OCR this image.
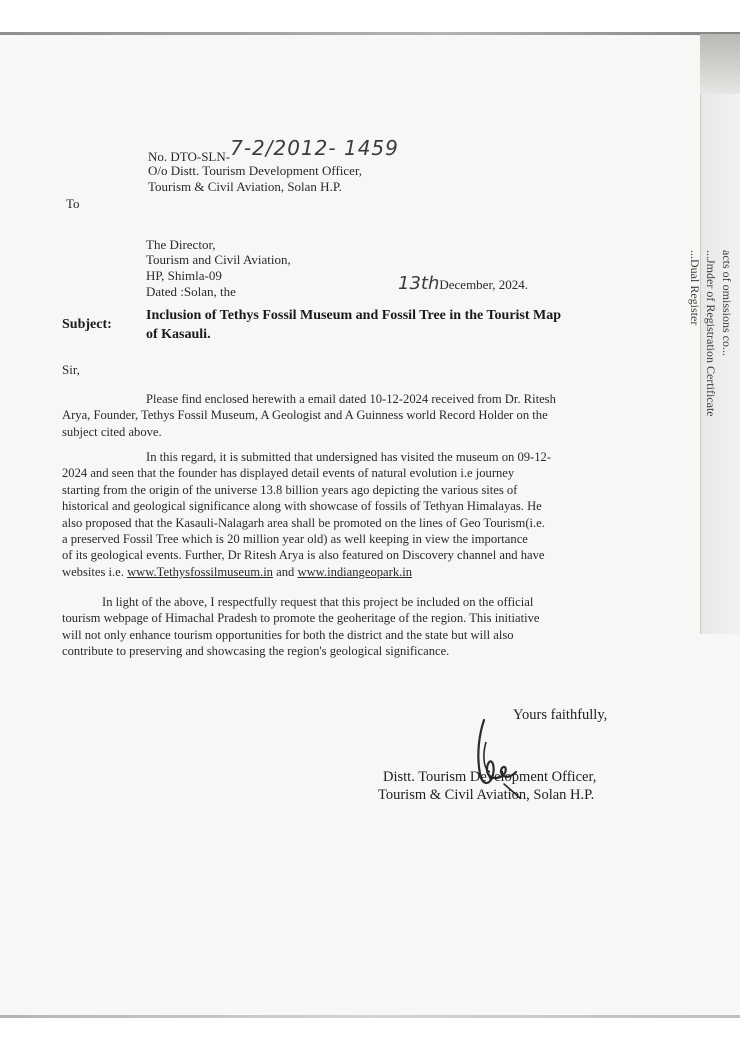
acts of omissions co...
...Jmder of Registration Certificate
...Dual Register
No. DTO-SLN-7-2/2012- 1459
O/o Distt. Tourism Development Officer,
Tourism & Civil Aviation, Solan H.P.
To
The Director,
Tourism and Civil Aviation,
HP, Shimla-09
Dated :Solan, the	13thDecember, 2024.
Subject:
Inclusion of Tethys Fossil Museum and Fossil Tree in the Tourist Map
of Kasauli.
Sir,
Please find enclosed herewith a email dated 10-12-2024 received from Dr. Ritesh
Arya, Founder, Tethys Fossil Museum, A Geologist and A Guinness world Record Holder on the
subject cited above.
In this regard, it is submitted that undersigned has visited the museum on 09-12-
2024 and seen that the founder has displayed detail events of natural evolution i.e journey
starting from the origin of the universe 13.8 billion years ago depicting the various sites of
historical and geological significance along with showcase of fossils of Tethyan Himalayas. He
also proposed that the Kasauli-Nalagarh area shall be promoted on the lines of Geo Tourism(i.e.
a preserved Fossil Tree which is 20 million year old) as well keeping in view the importance
of its geological events. Further, Dr Ritesh Arya is also featured on Discovery channel and have
websites i.e. www.Tethysfossilmuseum.in and www.indiangeopark.in
In light of the above, I respectfully request that this project be included on the official
tourism webpage of Himachal Pradesh to promote the geoheritage of the region. This initiative
will not only enhance tourism opportunities for both the district and the state but will also
contribute to preserving and showcasing the region's geological significance.
Yours faithfully,
Distt. Tourism Development Officer,
Tourism & Civil Aviation, Solan H.P.
